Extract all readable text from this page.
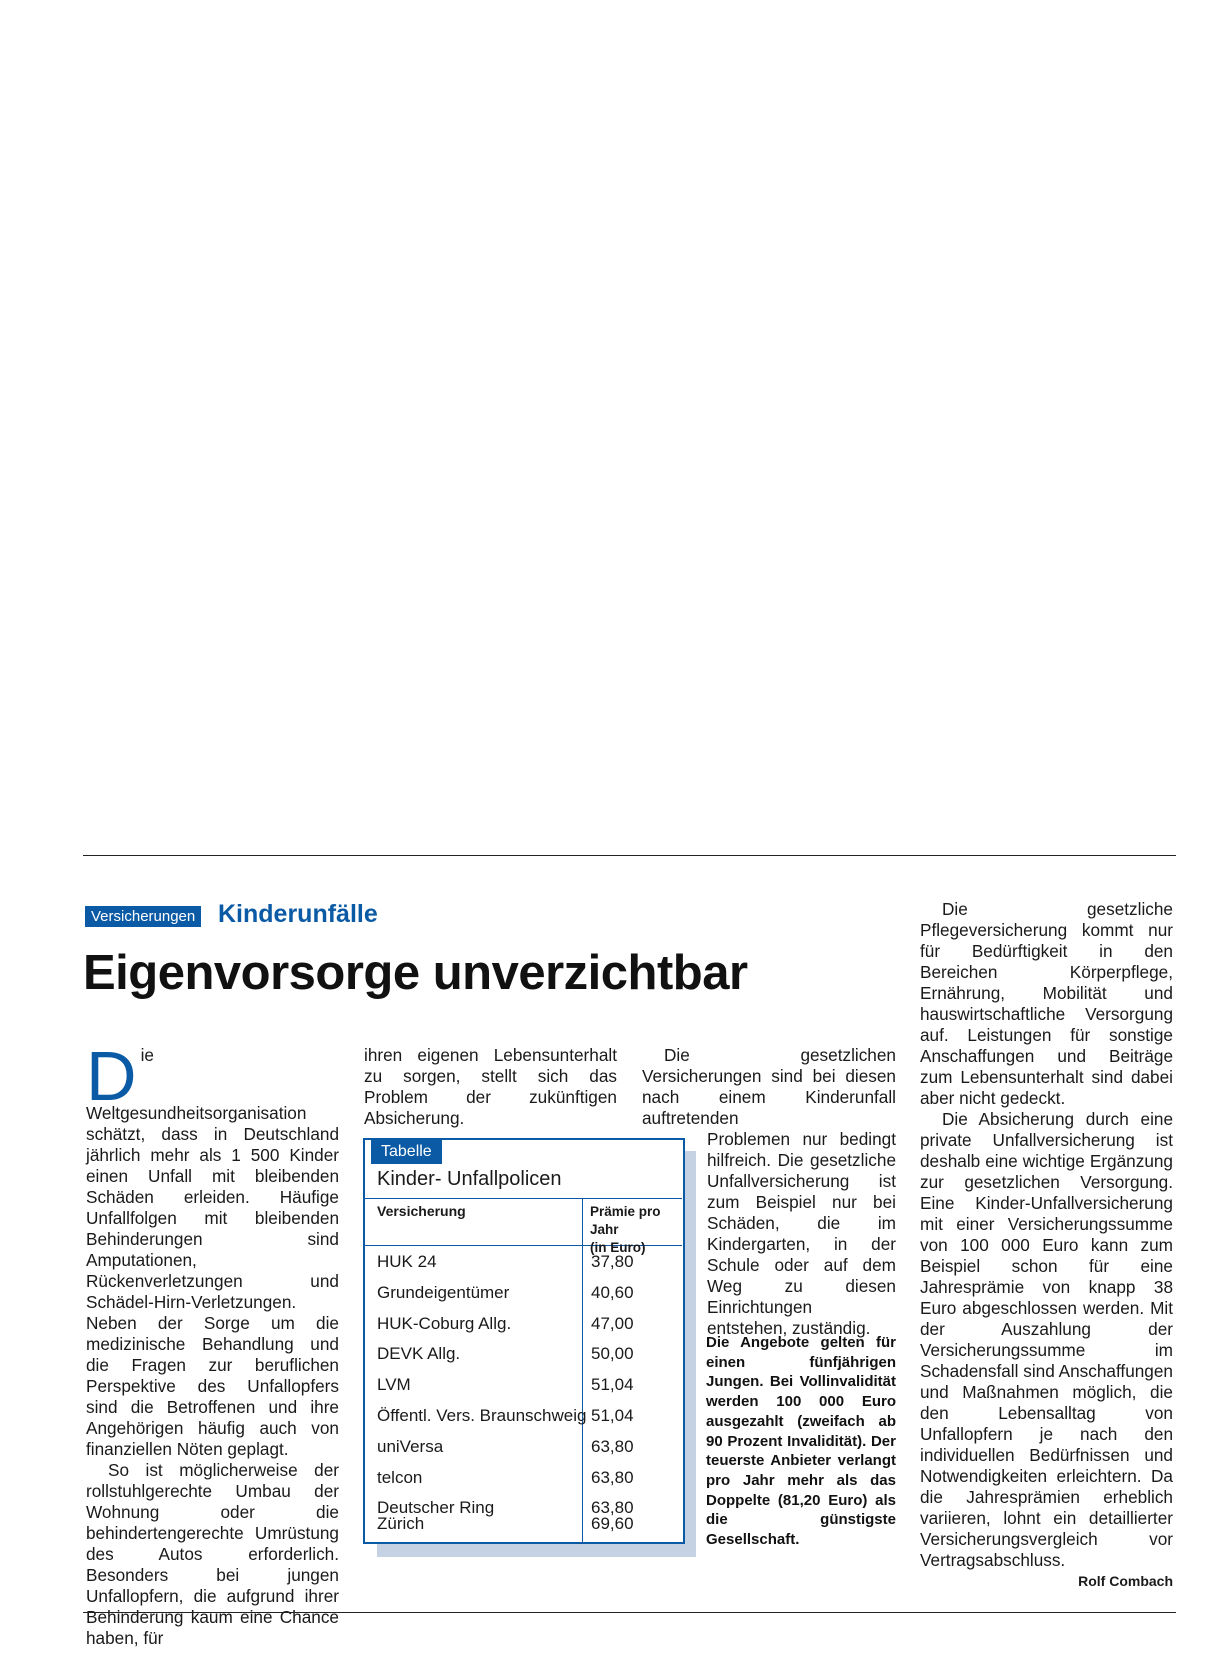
Versicherungen Kinderunfälle
Eigenvorsorge unverzichtbar

Die Weltgesundheitsorganisation schätzt, dass in Deutschland jährlich mehr als 1 500 Kinder einen Unfall mit bleibenden Schäden erleiden. Häufige Unfallfolgen mit bleibenden Behinderungen sind Amputationen, Rückenverletzungen und Schädel-Hirn-Verletzungen. Neben der Sorge um die medizinische Behandlung und die Fragen zur beruflichen Perspektive des Unfallopfers sind die Betroffenen und ihre Angehörigen häufig auch von finanziellen Nöten geplagt.

So ist möglicherweise der rollstuhlgerechte Umbau der Wohnung oder die behindertengerechte Umrüstung des Autos erforderlich. Besonders bei jungen Unfallopfern, die aufgrund ihrer Behinderung kaum eine Chance haben, für

ihren eigenen Lebensunterhalt zu sorgen, stellt sich das Problem der zukünftigen Absicherung.

Die gesetzlichen Versicherungen sind bei diesen nach einem Kinderunfall auftretenden

Problemen nur bedingt hilfreich. Die gesetzliche Unfallversicherung ist zum Beispiel nur bei Schäden, die im Kindergarten, in der Schule oder auf dem Weg zu diesen Einrichtungen entstehen, zuständig.

Die Angebote gelten für einen fünfjährigen Jungen. Bei Vollinvalidität werden 100 000 Euro ausgezahlt (zweifach ab 90 Prozent Invalidität). Der teuerste Anbieter verlangt pro Jahr mehr als das Doppelte (81,20 Euro) als die günstigste Gesellschaft.

Die gesetzliche Pflegeversicherung kommt nur für Bedürftigkeit in den Bereichen Körperpflege, Ernährung, Mobilität und hauswirtschaftliche Versorgung auf. Leistungen für sonstige Anschaffungen und Beiträge zum Lebensunterhalt sind dabei aber nicht gedeckt.

Die Absicherung durch eine private Unfallversicherung ist deshalb eine wichtige Ergänzung zur gesetzlichen Versorgung. Eine Kinder-Unfallversicherung mit einer Versicherungssumme von 100 000 Euro kann zum Beispiel schon für eine Jahresprämie von knapp 38 Euro abgeschlossen werden. Mit der Auszahlung der Versicherungssumme im Schadensfall sind Anschaffungen und Maßnahmen möglich, die den Lebensalltag von Unfallopfern je nach den individuellen Bedürfnissen und Notwendigkeiten erleichtern. Da die Jahresprämien erheblich variieren, lohnt ein detaillierter Versicherungsvergleich vor Vertragsabschluss.
Rolf Combach

Tabelle
Kinder- Unfallpolicen
Versicherung	Prämie pro Jahr
(in Euro)
HUK 24	37,80
Grundeigentümer	40,60
HUK-Coburg Allg.	47,00
DEVK Allg.	50,00
LVM	51,04
Öffentl. Vers. Braunschweig 51,04
uniVersa	63,80
telcon	63,80
Deutscher Ring	63,80
Zürich	69,60
